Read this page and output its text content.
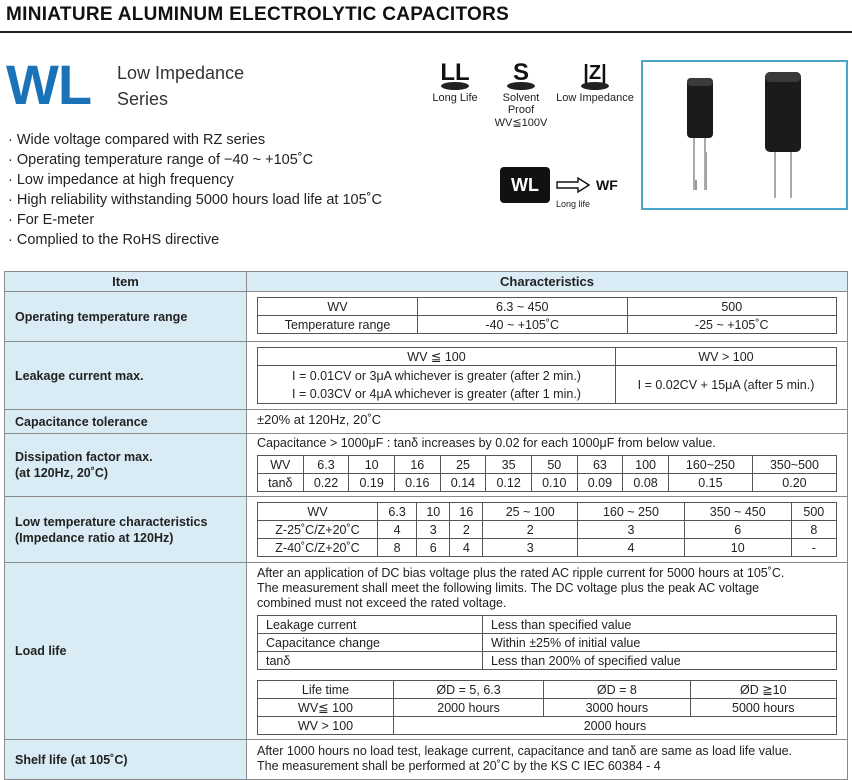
MINIATURE ALUMINUM ELECTROLYTIC CAPACITORS
WL Low Impedance
Series
· Wide voltage compared with RZ series
· Operating temperature range of −40 ~ +105˚C
· Low impedance at high frequency
· High reliability withstanding 5000 hours load life at 105˚C
· For E-meter
· Complied to the RoHS directive
LL
Long Life
S
Solvent Proof
WV≦100V
|Z|
Low Impedance
WL	WF
Long life
Item	Characteristics
Operating temperature range	
WV	6.3 ~ 450	500
Temperature range	-40 ~ +105˚C	-25 ~ +105˚C

Leakage current max.	
WV ≦ 100	WV > 100

I = 0.01CV or 3μA whichever is greater (after 2 min.)
I = 0.03CV or 4μA whichever is greater (after 1 min.)
	I = 0.02CV + 15μA (after 5 min.)

Capacitance tolerance	±20% at 120Hz, 20˚C

Dissipation factor max.
(at 120Hz, 20˚C)

Capacitance > 1000μF : tanδ increases by 0.02 for each 1000μF from below value.
WV	6.3	10	16	25	35	50	63	100	160~250	350~500
tanδ	0.22	0.19	0.16	0.14	0.12	0.10	0.09	0.08	0.15	0.20

Low temperature characteristics
(Impedance ratio at 120Hz)

WV	6.3	10	16	25 ~ 100	160 ~ 250	350 ~ 450	500
Z-25˚C/Z+20˚C	4	3	2	2	3	6	8
Z-40˚C/Z+20˚C	8	6	4	3	4	10	-

Load life	
After an application of DC bias voltage plus the rated AC ripple current for 5000 hours at 105˚C.
The measurement shall meet the following limits. The DC voltage plus the peak AC voltage
combined must not exceed the rated voltage.
Leakage current	Less than specified value
Capacitance change	Within ±25% of initial value
tanδ	Less than 200% of specified value
Life time	ØD = 5, 6.3	ØD = 8	ØD ≧10
WV≦ 100	2000 hours	3000 hours	5000 hours
WV > 100	2000 hours

Shelf life (at 105˚C)	
After 1000 hours no load test, leakage current, capacitance and tanδ are same as load life value.
The measurement shall be performed at 20˚C by the KS C IEC 60384 - 4
